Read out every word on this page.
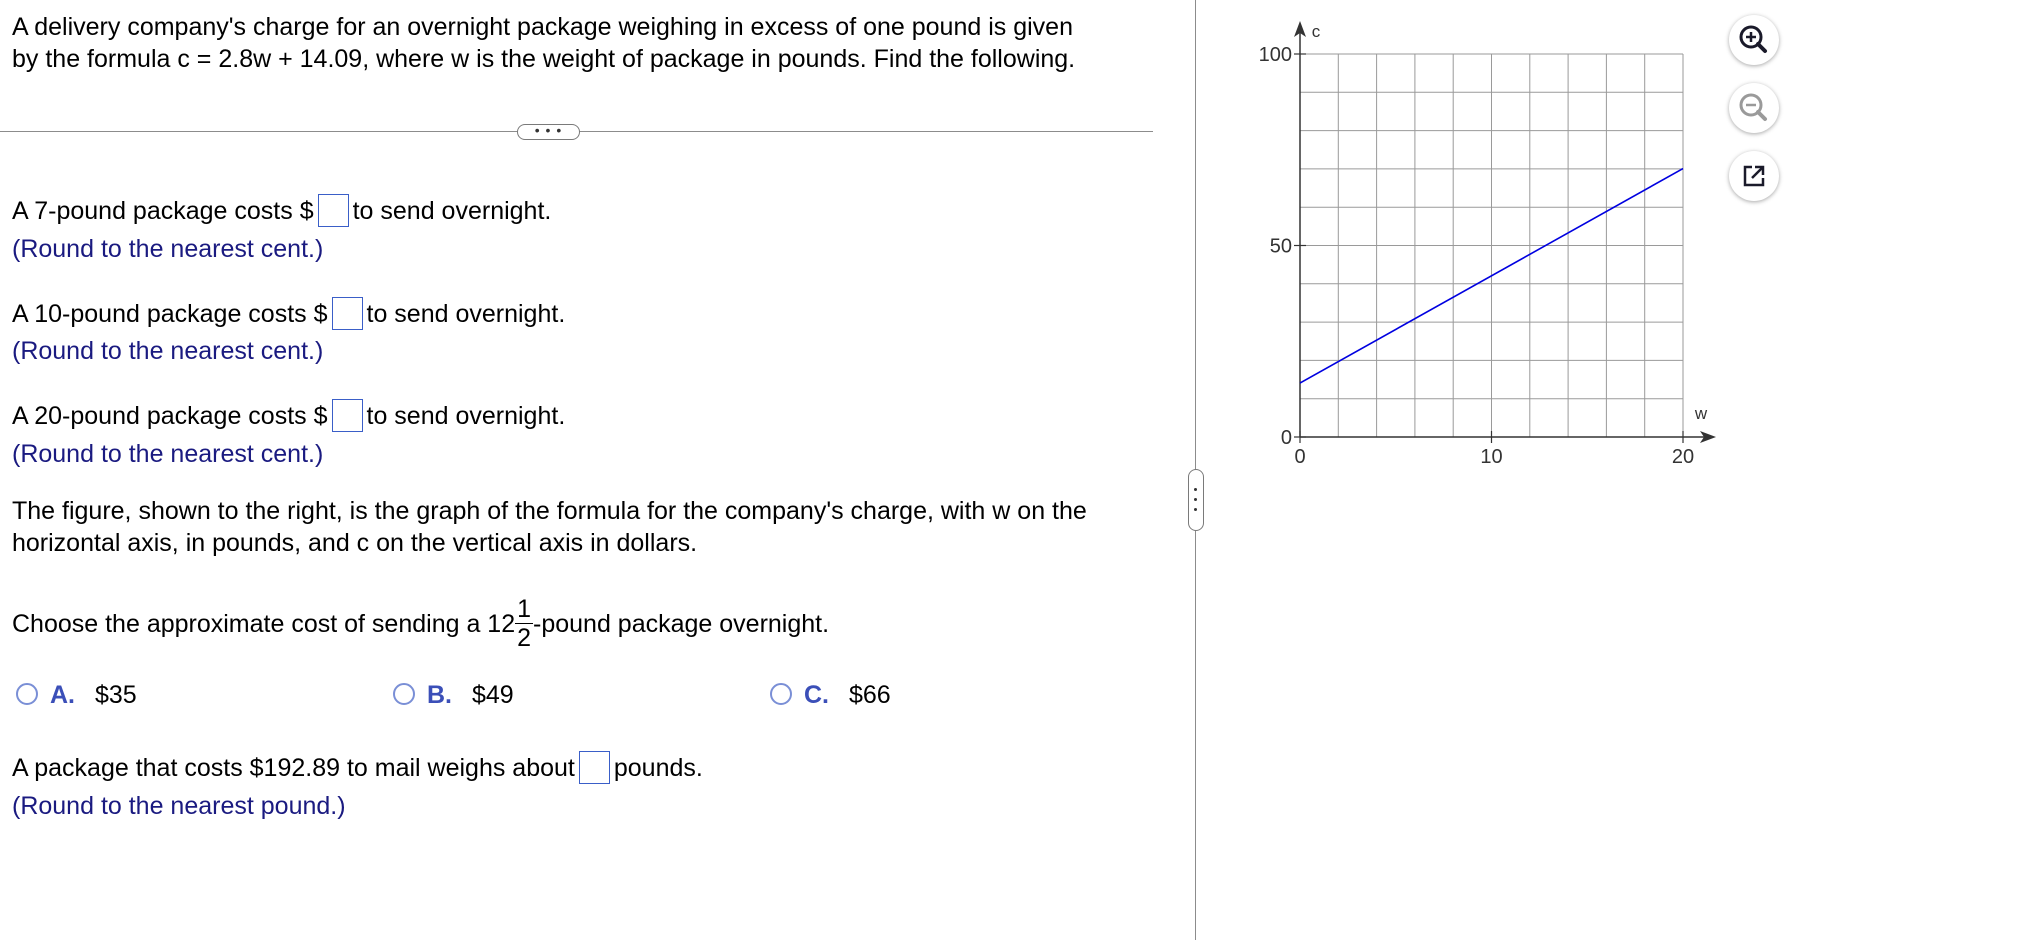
A delivery company's charge for an overnight package weighing in excess of one pound is given
by the formula c = 2.8w + 14.09, where w is the weight of package in pounds. Find the following.
• • •
A 7-pound package costs $ to send overnight.
(Round to the nearest cent.)
A 10-pound package costs $ to send overnight.
(Round to the nearest cent.)
A 20-pound package costs $ to send overnight.
(Round to the nearest cent.)
The figure, shown to the right, is the graph of the formula for the company's charge, with w on the
horizontal axis, in pounds, and c on the vertical axis in dollars.
Choose the approximate cost of sending a $12 \frac{1}{2}$ -pound package overnight.
A. $35	B. $49	C. $66
A package that costs $192.89 to mail weighs about pounds.
(Round to the nearest pound.)
0	10	20
0
50
100
w
c
